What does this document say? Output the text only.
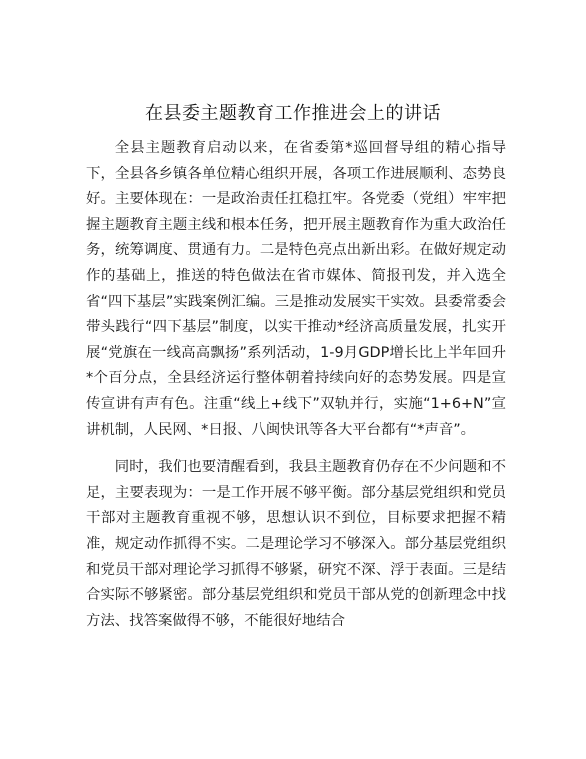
在县委主题教育工作推进会上的讲话

全县主题教育启动以来，在省委第*巡回督导组的精心指导下，全县各乡镇各单位精心组织开展，各项工作进展顺利、态势良好。主要体现在：一是政治责任扛稳扛牢。各党委（党组）牢牢把握主题教育主题主线和根本任务，把开展主题教育作为重大政治任务，统筹调度、贯通有力。二是特色亮点出新出彩。在做好规定动作的基础上，推送的特色做法在省市媒体、简报刊发，并入选全省“四下基层”实践案例汇编。三是推动发展实干实效。县委常委会带头践行“四下基层”制度，以实干推动*经济高质量发展，扎实开展“党旗在一线高高飘扬”系列活动，1-9月GDP增长比上半年回升*个百分点，全县经济运行整体朝着持续向好的态势发展。四是宣传宣讲有声有色。注重“线上+线下”双轨并行，实施“1+6+N”宣讲机制，人民网、*日报、八闽快讯等各大平台都有“*声音”。

同时，我们也要清醒看到，我县主题教育仍存在不少问题和不足，主要表现为：一是工作开展不够平衡。部分基层党组织和党员干部对主题教育重视不够，思想认识不到位，目标要求把握不精准，规定动作抓得不实。二是理论学习不够深入。部分基层党组织和党员干部对理论学习抓得不够紧，研究不深、浮于表面。三是结合实际不够紧密。部分基层党组织和党员干部从党的创新理念中找方法、找答案做得不够，不能很好地结合
